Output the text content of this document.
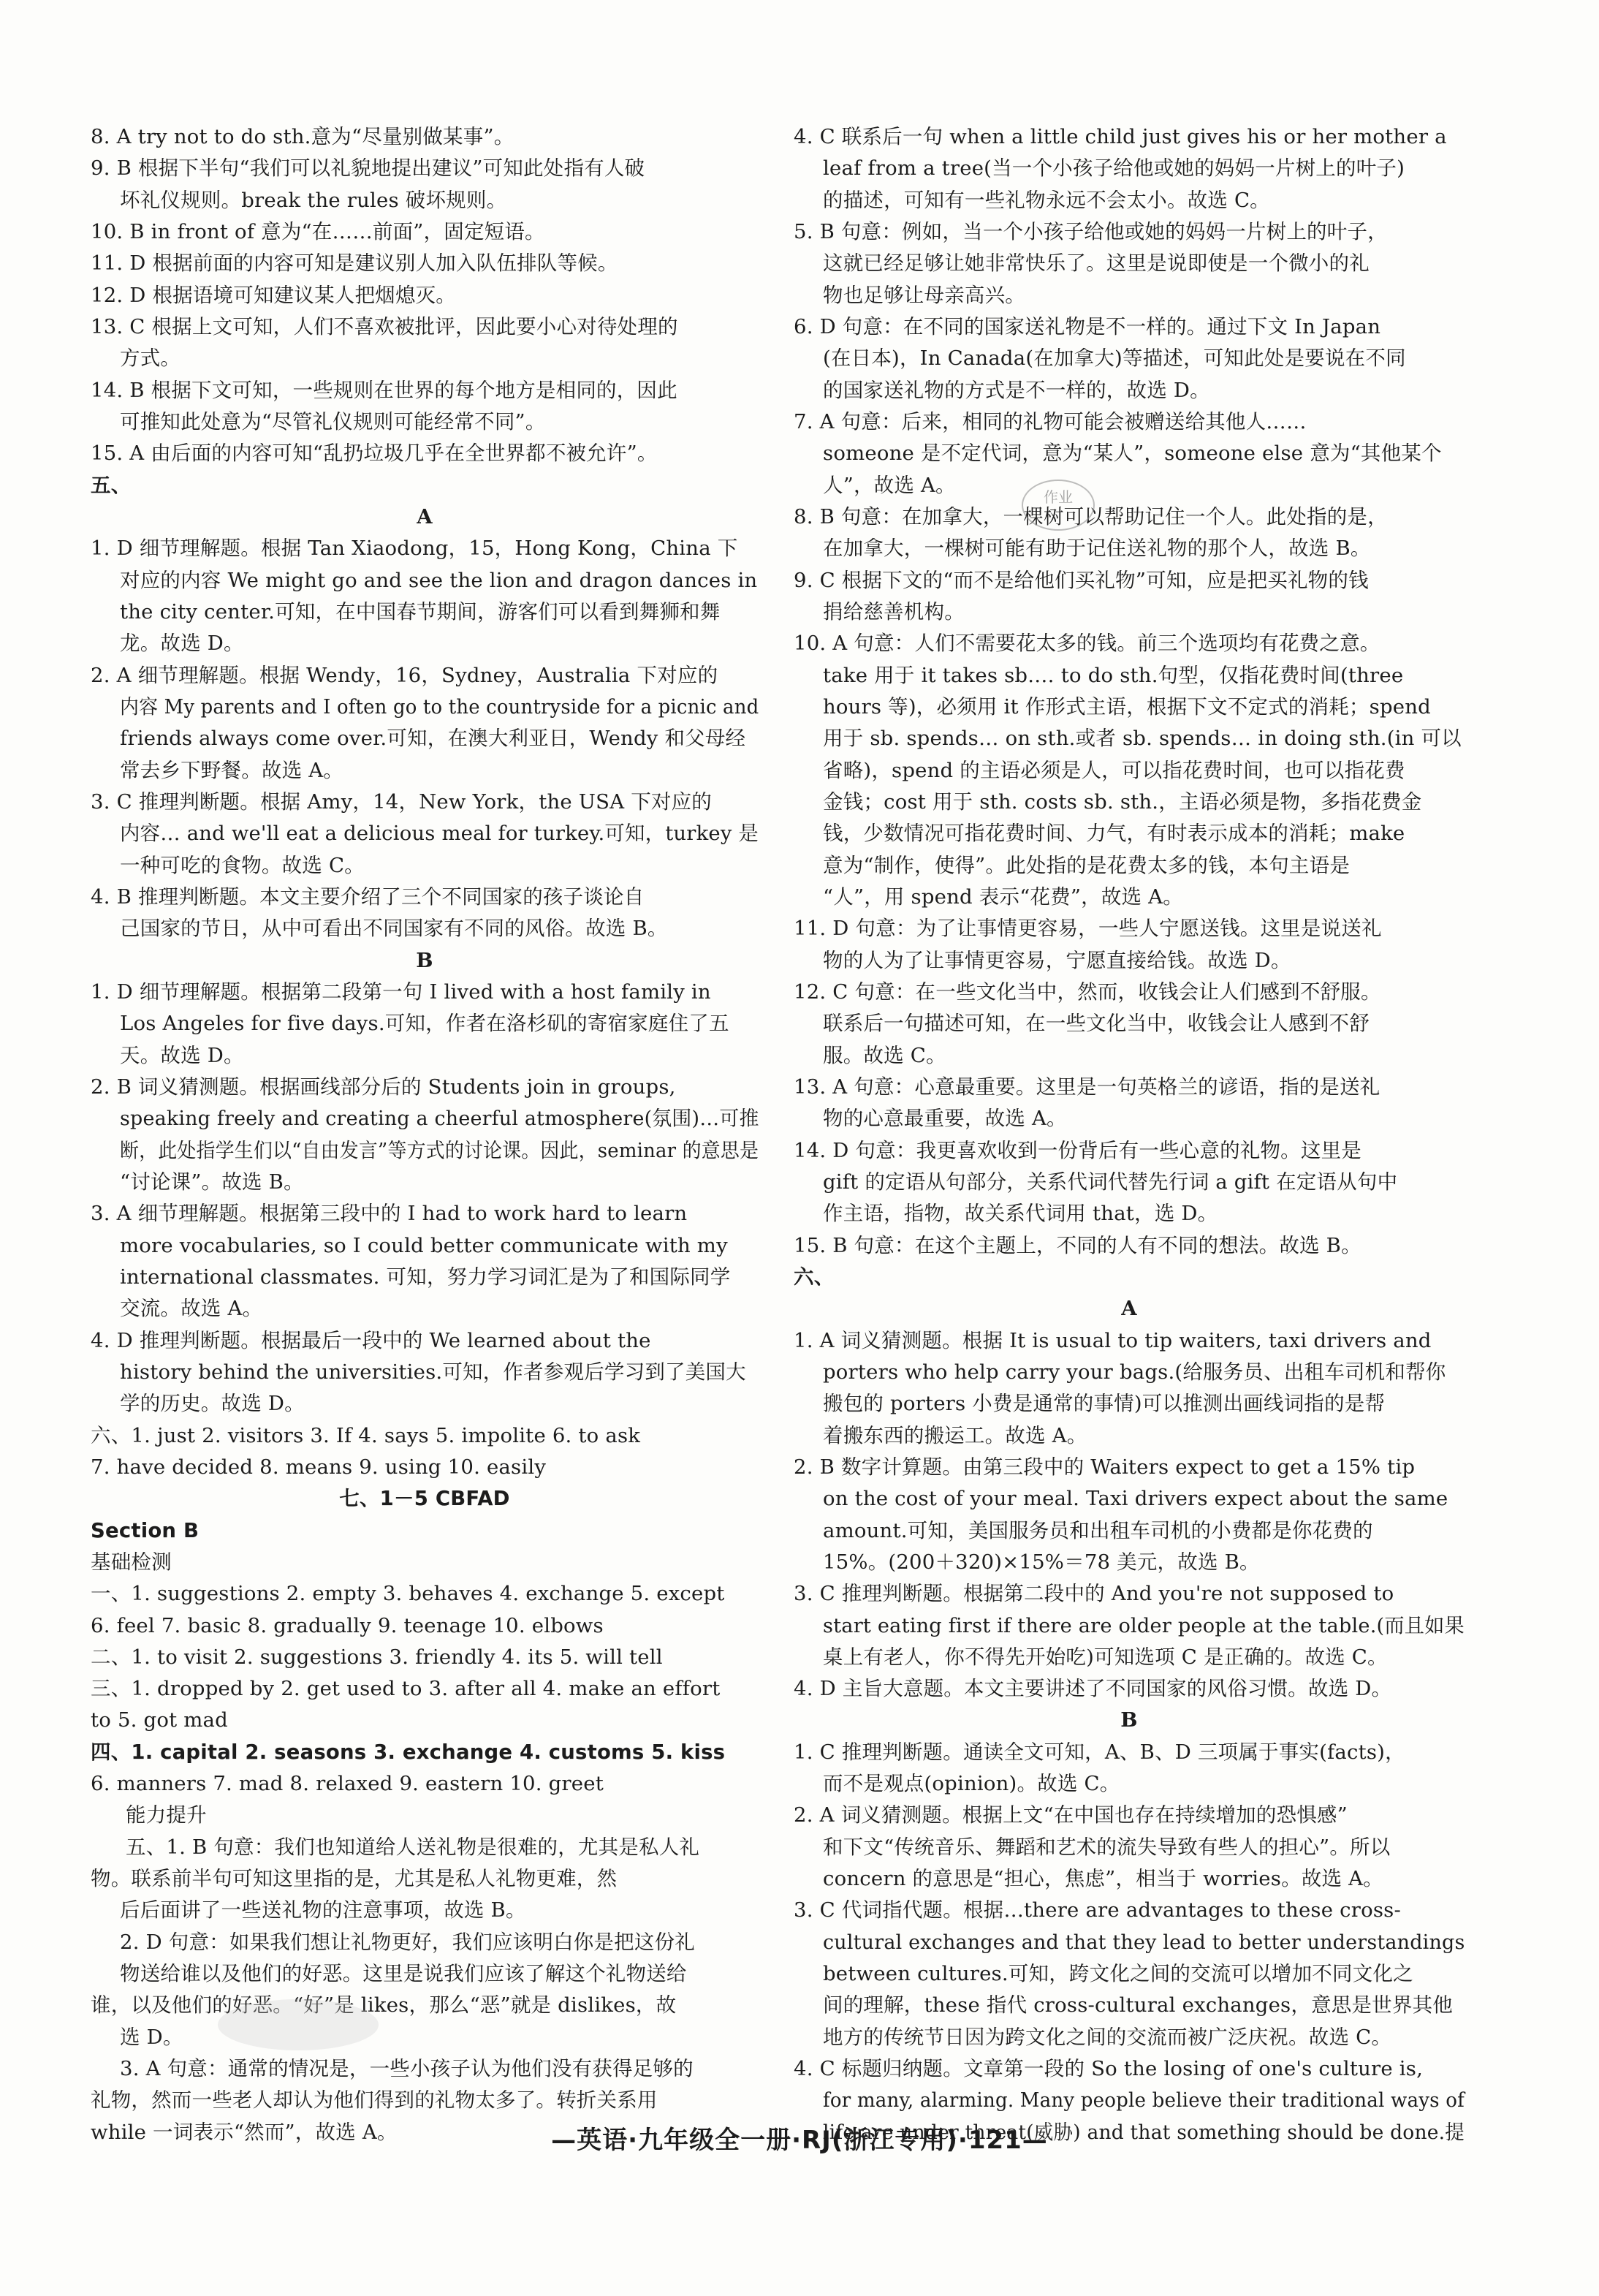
8. A try not to do sth.意为“尽量别做某事”。
9. B 根据下半句“我们可以礼貌地提出建议”可知此处指有人破
坏礼仪规则。break the rules 破坏规则。
10. B in front of 意为“在……前面”，固定短语。
11. D 根据前面的内容可知是建议别人加入队伍排队等候。
12. D 根据语境可知建议某人把烟熄灭。
13. C 根据上文可知，人们不喜欢被批评，因此要小心对待处理的
方式。
14. B 根据下文可知，一些规则在世界的每个地方是相同的，因此
可推知此处意为“尽管礼仪规则可能经常不同”。
15. A 由后面的内容可知“乱扔垃圾几乎在全世界都不被允许”。
五、
A
1. D 细节理解题。根据 Tan Xiaodong，15，Hong Kong，China 下
对应的内容 We might go and see the lion and dragon dances in
the city center.可知，在中国春节期间，游客们可以看到舞狮和舞
龙。故选 D。
2. A 细节理解题。根据 Wendy，16，Sydney，Australia 下对应的
内容 My parents and I often go to the countryside for a picnic and
friends always come over.可知，在澳大利亚日，Wendy 和父母经
常去乡下野餐。故选 A。
3. C 推理判断题。根据 Amy，14，New York，the USA 下对应的
内容… and we'll eat a delicious meal for turkey.可知，turkey 是
一种可吃的食物。故选 C。
4. B 推理判断题。本文主要介绍了三个不同国家的孩子谈论自
己国家的节日，从中可看出不同国家有不同的风俗。故选 B。
B
1. D 细节理解题。根据第二段第一句 I lived with a host family in
Los Angeles for five days.可知，作者在洛杉矶的寄宿家庭住了五
天。故选 D。
2. B 词义猜测题。根据画线部分后的 Students join in groups,
speaking freely and creating a cheerful atmosphere(氛围)…可推
断，此处指学生们以“自由发言”等方式的讨论课。因此，seminar 的意思是
“讨论课”。故选 B。
3. A 细节理解题。根据第三段中的 I had to work hard to learn
more vocabularies, so I could better communicate with my
international classmates. 可知，努力学习词汇是为了和国际同学
交流。故选 A。
4. D 推理判断题。根据最后一段中的 We learned about the
history behind the universities.可知，作者参观后学习到了美国大
学的历史。故选 D。
六、1. just 2. visitors 3. If 4. says 5. impolite 6. to ask
7. have decided 8. means 9. using 10. easily
七、1－5 CBFAD
Section B
基础检测
一、1. suggestions 2. empty 3. behaves 4. exchange 5. except
6. feel 7. basic 8. gradually 9. teenage 10. elbows
二、1. to visit 2. suggestions 3. friendly 4. its 5. will tell
三、1. dropped by 2. get used to 3. after all 4. make an effort
to 5. got mad
四、1. capital 2. seasons 3. exchange 4. customs 5. kiss
6. manners 7. mad 8. relaxed 9. eastern 10. greet
能力提升
五、1. B 句意：我们也知道给人送礼物是很难的，尤其是私人礼
物。联系前半句可知这里指的是，尤其是私人礼物更难，然
后后面讲了一些送礼物的注意事项，故选 B。
2. D 句意：如果我们想让礼物更好，我们应该明白你是把这份礼
物送给谁以及他们的好恶。这里是说我们应该了解这个礼物送给
谁，以及他们的好恶。“好”是 likes，那么“恶”就是 dislikes，故
选 D。
3. A 句意：通常的情况是，一些小孩子认为他们没有获得足够的
礼物，然而一些老人却认为他们得到的礼物太多了。转折关系用
while 一词表示“然而”，故选 A。
4. C 联系后一句 when a little child just gives his or her mother a
leaf from a tree(当一个小孩子给他或她的妈妈一片树上的叶子)
的描述，可知有一些礼物永远不会太小。故选 C。
5. B 句意：例如，当一个小孩子给他或她的妈妈一片树上的叶子，
这就已经足够让她非常快乐了。这里是说即使是一个微小的礼
物也足够让母亲高兴。
6. D 句意：在不同的国家送礼物是不一样的。通过下文 In Japan
(在日本)，In Canada(在加拿大)等描述，可知此处是要说在不同
的国家送礼物的方式是不一样的，故选 D。
7. A 句意：后来，相同的礼物可能会被赠送给其他人……
someone 是不定代词，意为“某人”，someone else 意为“其他某个
人”，故选 A。
8. B 句意：在加拿大，一棵树可以帮助记住一个人。此处指的是，
在加拿大，一棵树可能有助于记住送礼物的那个人，故选 B。
9. C 根据下文的“而不是给他们买礼物”可知，应是把买礼物的钱
捐给慈善机构。
10. A 句意：人们不需要花太多的钱。前三个选项均有花费之意。
take 用于 it takes sb.… to do sth.句型，仅指花费时间(three
hours 等)，必须用 it 作形式主语，根据下文不定式的消耗；spend
用于 sb. spends… on sth.或者 sb. spends… in doing sth.(in 可以
省略)，spend 的主语必须是人，可以指花费时间，也可以指花费
金钱；cost 用于 sth. costs sb. sth.，主语必须是物，多指花费金
钱，少数情况可指花费时间、力气，有时表示成本的消耗；make
意为“制作，使得”。此处指的是花费太多的钱，本句主语是
“人”，用 spend 表示“花费”，故选 A。
11. D 句意：为了让事情更容易，一些人宁愿送钱。这里是说送礼
物的人为了让事情更容易，宁愿直接给钱。故选 D。
12. C 句意：在一些文化当中，然而，收钱会让人们感到不舒服。
联系后一句描述可知，在一些文化当中，收钱会让人感到不舒
服。故选 C。
13. A 句意：心意最重要。这里是一句英格兰的谚语，指的是送礼
物的心意最重要，故选 A。
14. D 句意：我更喜欢收到一份背后有一些心意的礼物。这里是
gift 的定语从句部分，关系代词代替先行词 a gift 在定语从句中
作主语，指物，故关系代词用 that，选 D。
15. B 句意：在这个主题上，不同的人有不同的想法。故选 B。
六、
A
1. A 词义猜测题。根据 It is usual to tip waiters, taxi drivers and
porters who help carry your bags.(给服务员、出租车司机和帮你
搬包的 porters 小费是通常的事情)可以推测出画线词指的是帮
着搬东西的搬运工。故选 A。
2. B 数字计算题。由第三段中的 Waiters expect to get a 15% tip
on the cost of your meal. Taxi drivers expect about the same
amount.可知，美国服务员和出租车司机的小费都是你花费的
15%。(200＋320)×15%＝78 美元，故选 B。
3. C 推理判断题。根据第二段中的 And you're not supposed to
start eating first if there are older people at the table.(而且如果
桌上有老人，你不得先开始吃)可知选项 C 是正确的。故选 C。
4. D 主旨大意题。本文主要讲述了不同国家的风俗习惯。故选 D。
B
1. C 推理判断题。通读全文可知，A、B、D 三项属于事实(facts)，
而不是观点(opinion)。故选 C。
2. A 词义猜测题。根据上文“在中国也存在持续增加的恐惧感”
和下文“传统音乐、舞蹈和艺术的流失导致有些人的担心”。所以
concern 的意思是“担心，焦虑”，相当于 worries。故选 A。
3. C 代词指代题。根据…there are advantages to these cross-
cultural exchanges and that they lead to better understandings
between cultures.可知，跨文化之间的交流可以增加不同文化之
间的理解，these 指代 cross-cultural exchanges，意思是世界其他
地方的传统节日因为跨文化之间的交流而被广泛庆祝。故选 C。
4. C 标题归纳题。文章第一段的 So the losing of one's culture is,
for many, alarming. Many people believe their traditional ways of
life are under threat(威胁) and that something should be done.提
作业
—英语·九年级全一册·RJ(浙江专用)·121—
